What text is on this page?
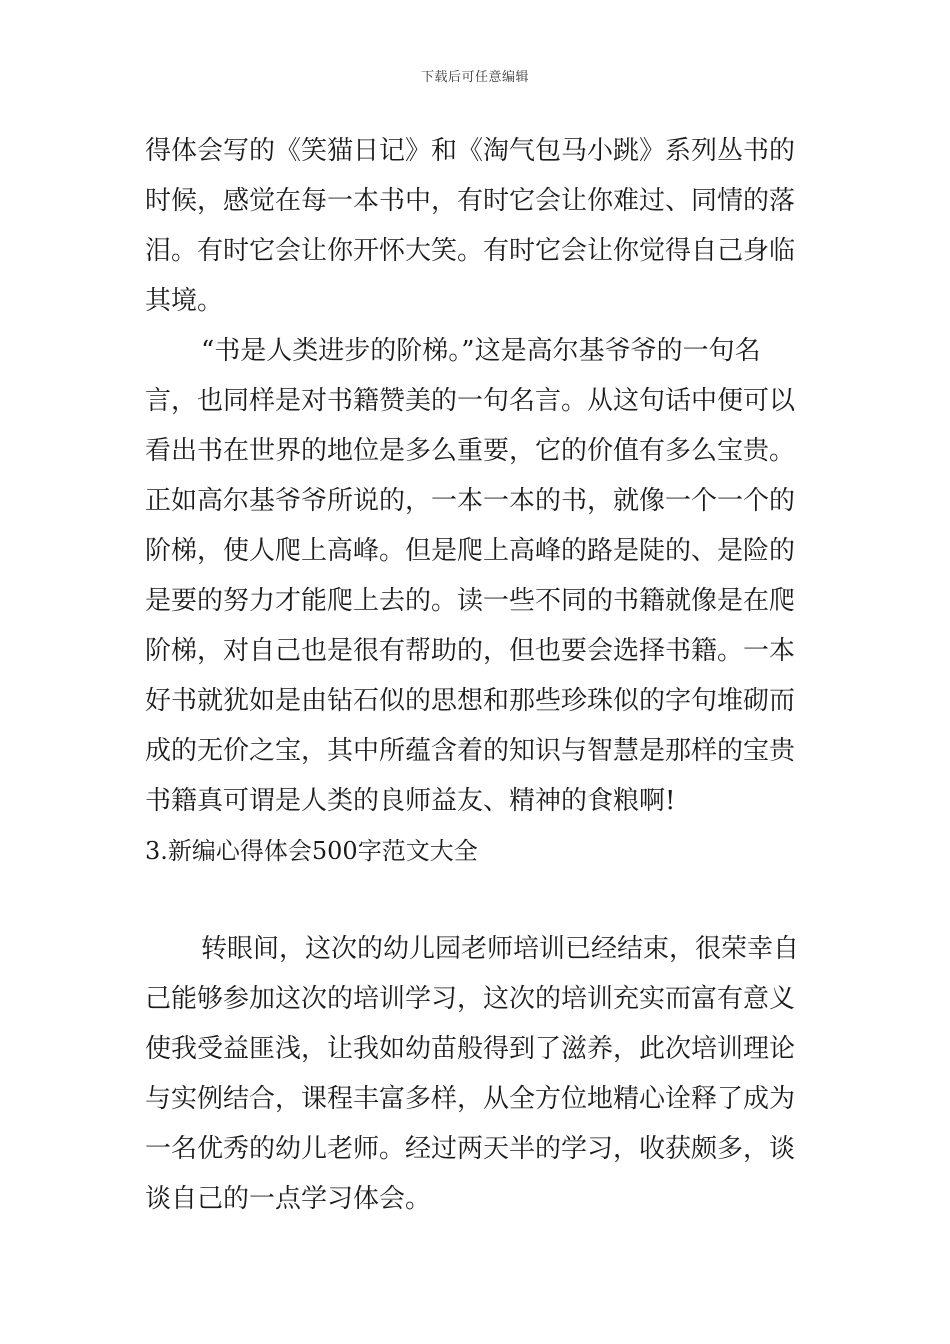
下载后可任意编辑
得体会写的《笑猫日记》和《淘气包马小跳》系列丛书的
时候，感觉在每一本书中，有时它会让你难过、同情的落
泪。有时它会让你开怀大笑。有时它会让你觉得自己身临
其境。
“书是人类进步的阶梯。”这是高尔基爷爷的一句名
言，也同样是对书籍赞美的一句名言。从这句话中便可以
看出书在世界的地位是多么重要，它的价值有多么宝贵。
正如高尔基爷爷所说的，一本一本的书，就像一个一个的
阶梯，使人爬上高峰。但是爬上高峰的路是陡的、是险的
是要的努力才能爬上去的。读一些不同的书籍就像是在爬
阶梯，对自己也是很有帮助的，但也要会选择书籍。一本
好书就犹如是由钻石似的思想和那些珍珠似的字句堆砌而
成的无价之宝，其中所蕴含着的知识与智慧是那样的宝贵
书籍真可谓是人类的良师益友、精神的食粮啊!
3.新编心得体会500字范文大全
转眼间，这次的幼儿园老师培训已经结束，很荣幸自
己能够参加这次的培训学习，这次的培训充实而富有意义
使我受益匪浅，让我如幼苗般得到了滋养，此次培训理论
与实例结合，课程丰富多样，从全方位地精心诠释了成为
一名优秀的幼儿老师。经过两天半的学习，收获颇多，谈
谈自己的一点学习体会。
